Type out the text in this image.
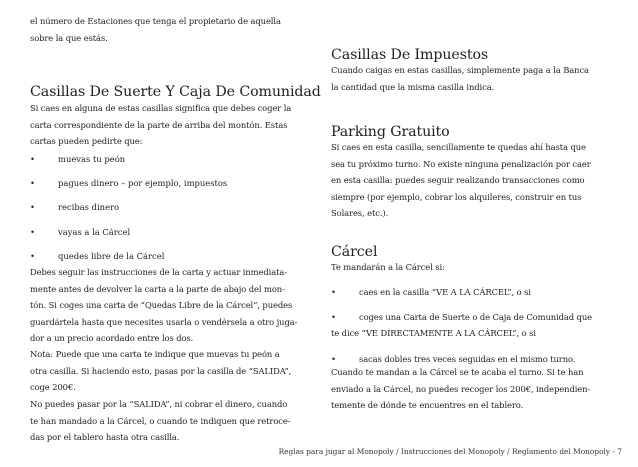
el número de Estaciones que tenga el propietario de aquella
sobre la que estás.

Casillas De Suerte Y Caja De Comunidad

Si caes en alguna de estas casillas significa que debes coger la
carta correspondiente de la parte de arriba del montón. Estas
cartas pueden pedirte que:

•	muevas tu peón
•	pagues dinero – por ejemplo, impuestos
•	recibas dinero
•	vayas a la Cárcel
•	quedes libre de la Cárcel

Debes seguir las instrucciones de la carta y actuar inmediata-
mente antes de devolver la carta a la parte de abajo del mon-
tón. Si coges una carta de “Quedas Libre de la Cárcel”, puedes
guardártela hasta que necesites usarla o vendérsela a otro juga-
dor a un precio acordado entre los dos.

Nota: Puede que una carta te indique que muevas tu peón a
otra casilla. Si haciendo esto, pasas por la casilla de “SALIDA”,
coge 200€.

No puedes pasar por la “SALIDA”, ni cobrar el dinero, cuando
te han mandado a la Cárcel, o cuando te indiquen que retroce-
das por el tablero hasta otra casilla.

Casillas De Impuestos

Cuando caigas en estas casillas, simplemente paga a la Banca
la cantidad que la misma casilla indica.

Parking Gratuito

Si caes en esta casilla, sencillamente te quedas ahí hasta que
sea tu próximo turno. No existe ninguna penalización por caer
en esta casilla: puedes seguir realizando transacciones como
siempre (por ejemplo, cobrar los alquileres, construir en tus
Solares, etc.).

Cárcel

Te mandarán a la Cárcel si:

•	caes en la casilla “VE A LA CÁRCEL”, o si

•	coges una Carta de Suerte o de Caja de Comunidad que

te dice “VE DIRECTAMENTE A LA CÁRCEL”, o si

•	sacas dobles tres veces seguidas en el mismo turno.

Cuando te mandan a la Cárcel se te acaba el turno. Si te han
enviado a la Cárcel, no puedes recoger los 200€, independien-
temente de dónde te encuentres en el tablero.

Reglas para jugar al Monopoly / Instrucciones del Monopoly / Reglamento del Monopoly - 7
